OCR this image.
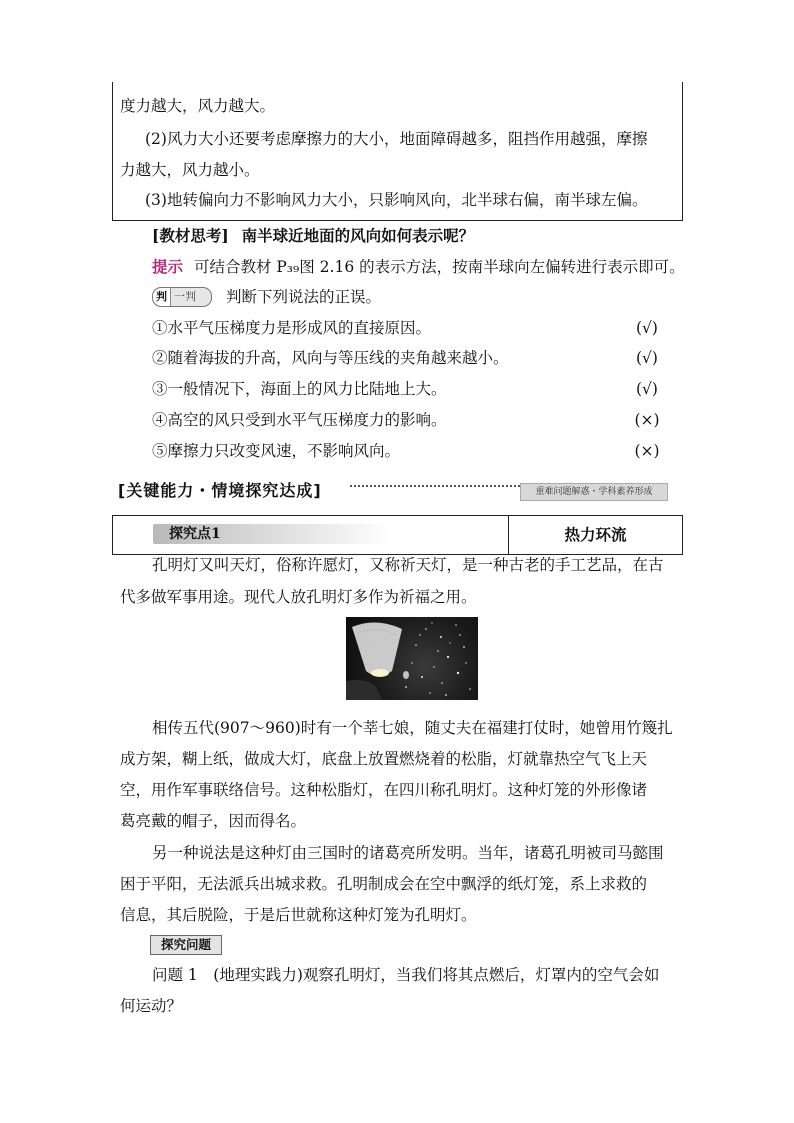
度力越大，风力越大。
(2)风力大小还要考虑摩擦力的大小，地面障碍越多，阻挡作用越强，摩擦
力越大，风力越小。
(3)地转偏向力不影响风力大小，只影响风向，北半球右偏，南半球左偏。
[教材思考] 南半球近地面的风向如何表示呢？
提示 可结合教材 P₃₉图 2.16 的表示方法，按南半球向左偏转进行表示即可。
判 一判	判断下列说法的正误。
①水平气压梯度力是形成风的直接原因。	(√)
②随着海拔的升高，风向与等压线的夹角越来越小。	(√)
③一般情况下，海面上的风力比陆地上大。	(√)
④高空的风只受到水平气压梯度力的影响。	(×)
⑤摩擦力只改变风速，不影响风向。	(×)
[关键能力・情境探究达成]	重难问题解惑・学科素养形成
探究点1	热力环流
孔明灯又叫天灯，俗称许愿灯，又称祈天灯，是一种古老的手工艺品，在古
代多做军事用途。现代人放孔明灯多作为祈福之用。
相传五代(907～960)时有一个莘七娘，随丈夫在福建打仗时，她曾用竹篾扎
成方架，糊上纸，做成大灯，底盘上放置燃烧着的松脂，灯就靠热空气飞上天
空，用作军事联络信号。这种松脂灯，在四川称孔明灯。这种灯笼的外形像诸
葛亮戴的帽子，因而得名。
另一种说法是这种灯由三国时的诸葛亮所发明。当年，诸葛孔明被司马懿围
困于平阳，无法派兵出城求救。孔明制成会在空中飘浮的纸灯笼，系上求救的
信息，其后脱险，于是后世就称这种灯笼为孔明灯。
探究问题
问题 1　(地理实践力)观察孔明灯，当我们将其点燃后，灯罩内的空气会如
何运动？
